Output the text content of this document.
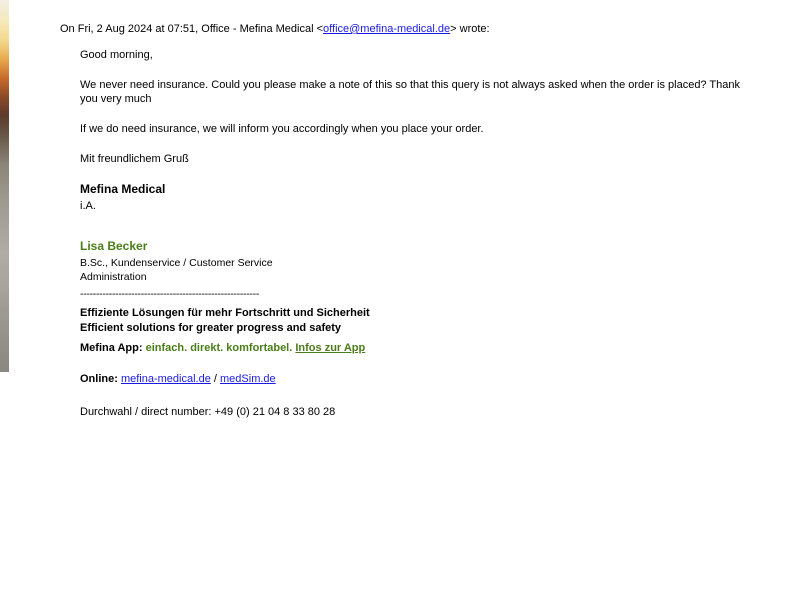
On Fri, 2 Aug 2024 at 07:51, Office - Mefina Medical <office@mefina-medical.de> wrote:

Good morning,

We never need insurance. Could you please make a note of this so that this query is not always asked when the order is placed? Thank you very much

If we do need insurance, we will inform you accordingly when you place your order.

Mit freundlichem Gruß

Mefina Medical

i.A.

Lisa Becker

B.Sc., Kundenservice / Customer Service

Administration

--------------------------------------------------------

Effiziente Lösungen für mehr Fortschritt und Sicherheit

Efficient solutions for greater progress and safety

Mefina App: einfach. direkt. komfortabel. Infos zur App

Online: mefina-medical.de / medSim.de

Durchwahl / direct number: +49 (0) 21 04 8 33 80 28
